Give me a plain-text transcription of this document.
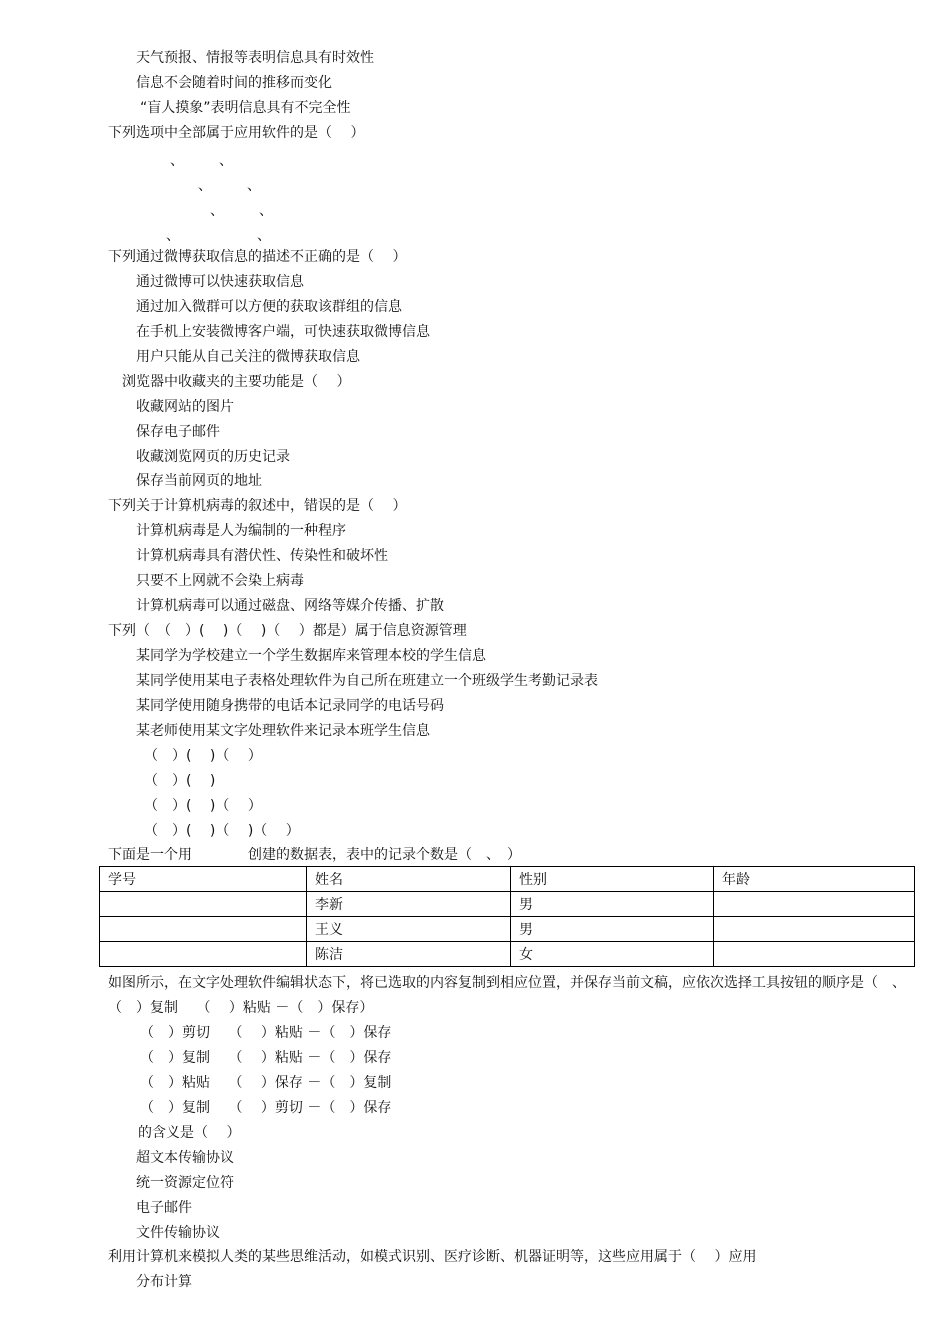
天气预报、情报等表明信息具有时效性
信息不会随着时间的推移而变化
“盲人摸象”表明信息具有不完全性
下列选项中全部属于应用软件的是（　 ）
、　　　、
、　　　、
、　　　、
、　　　　　　、
下列通过微博获取信息的描述不正确的是（　 ）
通过微博可以快速获取信息
通过加入微群可以方便的获取该群组的信息
在手机上安装微博客户端，可快速获取微博信息
用户只能从自己关注的微博获取信息
浏览器中收藏夹的主要功能是（　 ）
收藏网站的图片
保存电子邮件
收藏浏览网页的历史记录
保存当前网页的地址
下列关于计算机病毒的叙述中，错误的是（　 ）
计算机病毒是人为编制的一种程序
计算机病毒具有潜伏性、传染性和破坏性
只要不上网就不会染上病毒
计算机病毒可以通过磁盘、网络等媒介传播、扩散
下列（　（　）(　 )（　 )（　 ）都是）属于信息资源管理
某同学为学校建立一个学生数据库来管理本校的学生信息
某同学使用某电子表格处理软件为自己所在班建立一个班级学生考勤记录表
某同学使用随身携带的电话本记录同学的电话号码
某老师使用某文字处理软件来记录本班学生信息
（　）(　 )（　 ）
（　）(　 )
（　）(　 )（　 ）
（　）(　 )（　 )（　 ）
下面是一个用　　　　创建的数据表，表中的记录个数是（　、　）
学号	姓名	性别	年龄
	李新	男	
	王义	男	
	陈洁	女	
如图所示，在文字处理软件编辑状态下，将已选取的内容复制到相应位置，并保存当前文稿，应依次选择工具按钮的顺序是（　、
（　）复制　 （　 ）粘贴 －（　）保存）
（　）剪切　 （　 ）粘贴 －（　）保存
（　）复制　 （　 ）粘贴 －（　）保存
（　）粘贴　 （　 ）保存 －（　）复制
（　）复制　 （　 ）剪切 －（　）保存
的含义是（　 ）
超文本传输协议
统一资源定位符
电子邮件
文件传输协议
利用计算机来模拟人类的某些思维活动，如模式识别、医疗诊断、机器证明等，这些应用属于（　 ）应用
分布计算
